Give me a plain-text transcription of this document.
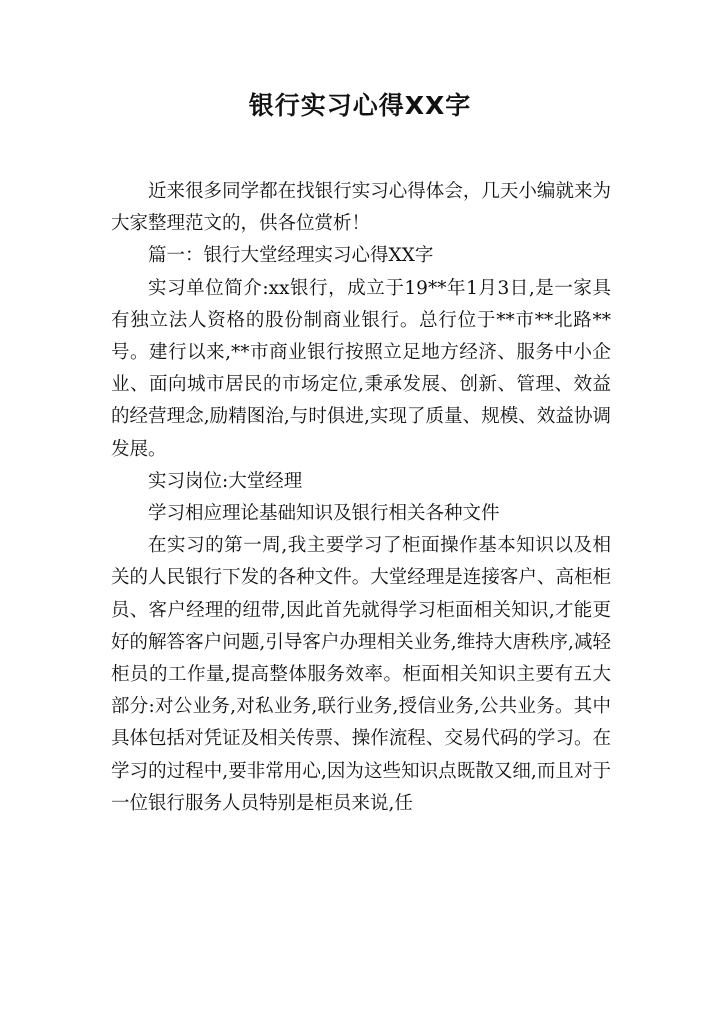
银行实习心得XX字

近来很多同学都在找银行实习心得体会，几天小编就来为大家整理范文的，供各位赏析！

篇一：银行大堂经理实习心得XX字

实习单位简介:xx银行，成立于19**年1月3日,是一家具有独立法人资格的股份制商业银行。总行位于**市**北路**号。建行以来,**市商业银行按照立足地方经济、服务中小企业、面向城市居民的市场定位,秉承发展、创新、管理、效益的经营理念,励精图治,与时俱进,实现了质量、规模、效益协调发展。

实习岗位:大堂经理

学习相应理论基础知识及银行相关各种文件

在实习的第一周,我主要学习了柜面操作基本知识以及相关的人民银行下发的各种文件。大堂经理是连接客户、高柜柜员、客户经理的纽带,因此首先就得学习柜面相关知识,才能更好的解答客户问题,引导客户办理相关业务,维持大唐秩序,减轻柜员的工作量,提高整体服务效率。柜面相关知识主要有五大部分:对公业务,对私业务,联行业务,授信业务,公共业务。其中具体包括对凭证及相关传票、操作流程、交易代码的学习。在学习的过程中,要非常用心,因为这些知识点既散又细,而且对于一位银行服务人员特别是柜员来说,任
